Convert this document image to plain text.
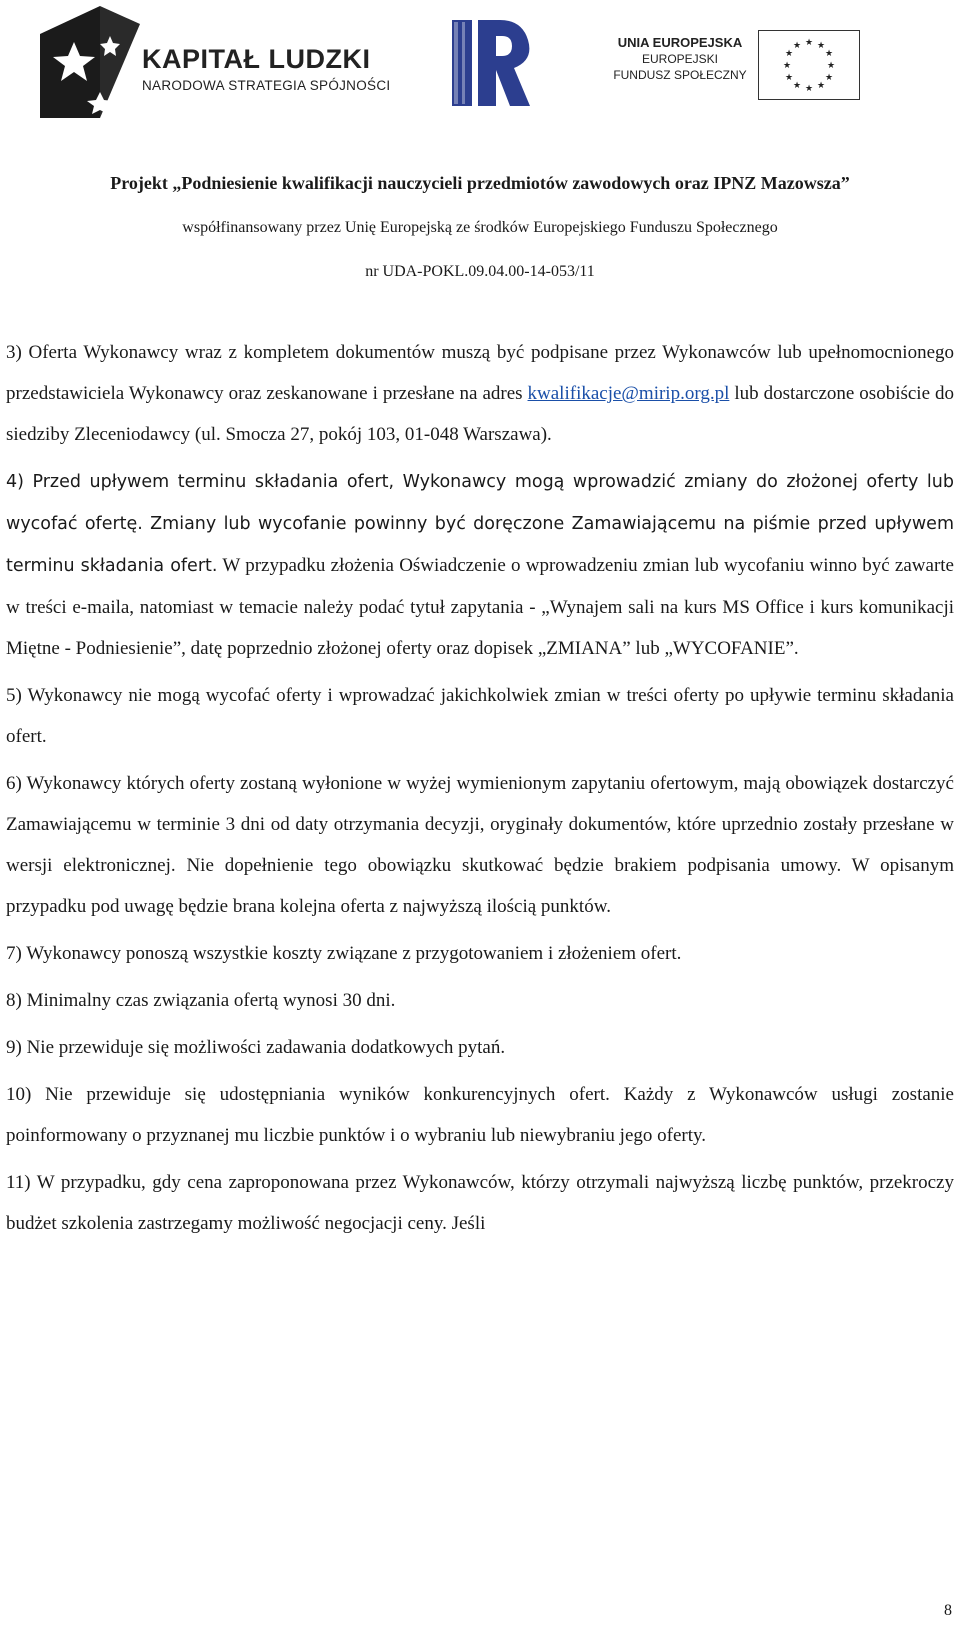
KAPITAŁ LUDZKI
NARODOWA STRATEGIA SPÓJNOŚCI
UNIA EUROPEJSKA
EUROPEJSKI
FUNDUSZ SPOŁECZNY
★ ★
★
★
★
★
★
★
★
★
★
★
Projekt „Podniesienie kwalifikacji nauczycieli przedmiotów zawodowych oraz IPNZ Mazowsza”
współfinansowany przez Unię Europejską ze środków Europejskiego Funduszu Społecznego
nr UDA-POKL.09.04.00-14-053/11

3) Oferta Wykonawcy wraz z kompletem dokumentów muszą być podpisane przez Wykonawców lub upełnomocnionego przedstawiciela Wykonawcy oraz zeskanowane i przesłane na adres kwalifikacje@mirip.org.pl lub dostarczone osobiście do siedziby Zleceniodawcy (ul. Smocza 27, pokój 103, 01-048 Warszawa).

4) Przed upływem terminu składania ofert, Wykonawcy mogą wprowadzić zmiany do złożonej oferty lub wycofać ofertę. Zmiany lub wycofanie powinny być doręczone Zamawiającemu na piśmie przed upływem terminu składania ofert. W przypadku złożenia Oświadczenie o wprowadzeniu zmian lub wycofaniu winno być zawarte w treści e-maila, natomiast w temacie należy podać tytuł zapytania - „Wynajem sali na kurs MS Office i kurs komunikacji Miętne - Podniesienie”, datę poprzednio złożonej oferty oraz dopisek „ZMIANA” lub „WYCOFANIE”.

5) Wykonawcy nie mogą wycofać oferty i wprowadzać jakichkolwiek zmian w treści oferty po upływie terminu składania ofert.

6) Wykonawcy których oferty zostaną wyłonione w wyżej wymienionym zapytaniu ofertowym, mają obowiązek dostarczyć Zamawiającemu w terminie 3 dni od daty otrzymania decyzji, oryginały dokumentów, które uprzednio zostały przesłane w wersji elektronicznej. Nie dopełnienie tego obowiązku skutkować będzie brakiem podpisania umowy. W opisanym przypadku pod uwagę będzie brana kolejna oferta z najwyższą ilością punktów.

7) Wykonawcy ponoszą wszystkie koszty związane z przygotowaniem i złożeniem ofert.

8) Minimalny czas związania ofertą wynosi 30 dni.

9) Nie przewiduje się możliwości zadawania dodatkowych pytań.

10) Nie przewiduje się udostępniania wyników konkurencyjnych ofert. Każdy z Wykonawców usługi zostanie poinformowany o przyznanej mu liczbie punktów i o wybraniu lub niewybraniu jego oferty.

11) W przypadku, gdy cena zaproponowana przez Wykonawców, którzy otrzymali najwyższą liczbę punktów, przekroczy budżet szkolenia zastrzegamy możliwość negocjacji ceny. Jeśli

8
